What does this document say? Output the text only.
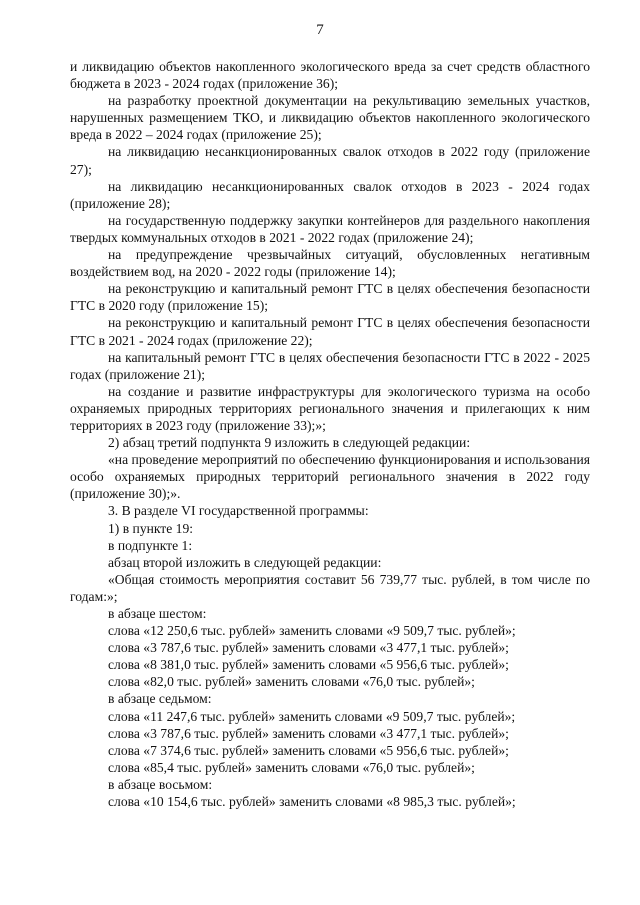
7

и ликвидацию объектов накопленного экологического вреда за счет средств областного бюджета в 2023 - 2024 годах (приложение 36);

на разработку проектной документации на рекультивацию земельных участков, нарушенных размещением ТКО, и ликвидацию объектов накопленного экологического вреда в 2022 – 2024 годах (приложение 25);

на ликвидацию несанкционированных свалок отходов в 2022 году (приложение 27);

на ликвидацию несанкционированных свалок отходов в 2023 - 2024 годах (приложение 28);

на государственную поддержку закупки контейнеров для раздельного накопления твердых коммунальных отходов в 2021 - 2022 годах (приложение 24);

на предупреждение чрезвычайных ситуаций, обусловленных негативным воздействием вод, на 2020 - 2022 годы (приложение 14);

на реконструкцию и капитальный ремонт ГТС в целях обеспечения безопасности ГТС в 2020 году (приложение 15);

на реконструкцию и капитальный ремонт ГТС в целях обеспечения безопасности ГТС в 2021 - 2024 годах (приложение 22);

на капитальный ремонт ГТС в целях обеспечения безопасности ГТС в 2022 - 2025 годах (приложение 21);

на создание и развитие инфраструктуры для экологического туризма на особо охраняемых природных территориях регионального значения и прилегающих к ним территориях в 2023 году (приложение 33);»;

2) абзац третий подпункта 9 изложить в следующей редакции:

«на проведение мероприятий по обеспечению функционирования и использования особо охраняемых природных территорий регионального значения в 2022 году (приложение 30);».

3. В разделе VI государственной программы:

1) в пункте 19:

в подпункте 1:

абзац второй изложить в следующей редакции:

«Общая стоимость мероприятия составит 56 739,77 тыс. рублей, в том числе по годам:»;

в абзаце шестом:

слова «12 250,6 тыс. рублей» заменить словами «9 509,7 тыс. рублей»;

слова «3 787,6 тыс. рублей» заменить словами «3 477,1 тыс. рублей»;

слова «8 381,0 тыс. рублей» заменить словами «5 956,6 тыс. рублей»;

слова «82,0 тыс. рублей» заменить словами «76,0 тыс. рублей»;

в абзаце седьмом:

слова «11 247,6 тыс. рублей» заменить словами «9 509,7 тыс. рублей»;

слова «3 787,6 тыс. рублей» заменить словами «3 477,1 тыс. рублей»;

слова «7 374,6 тыс. рублей» заменить словами «5 956,6 тыс. рублей»;

слова «85,4 тыс. рублей» заменить словами «76,0 тыс. рублей»;

в абзаце восьмом:

слова «10 154,6 тыс. рублей» заменить словами «8 985,3 тыс. рублей»;
